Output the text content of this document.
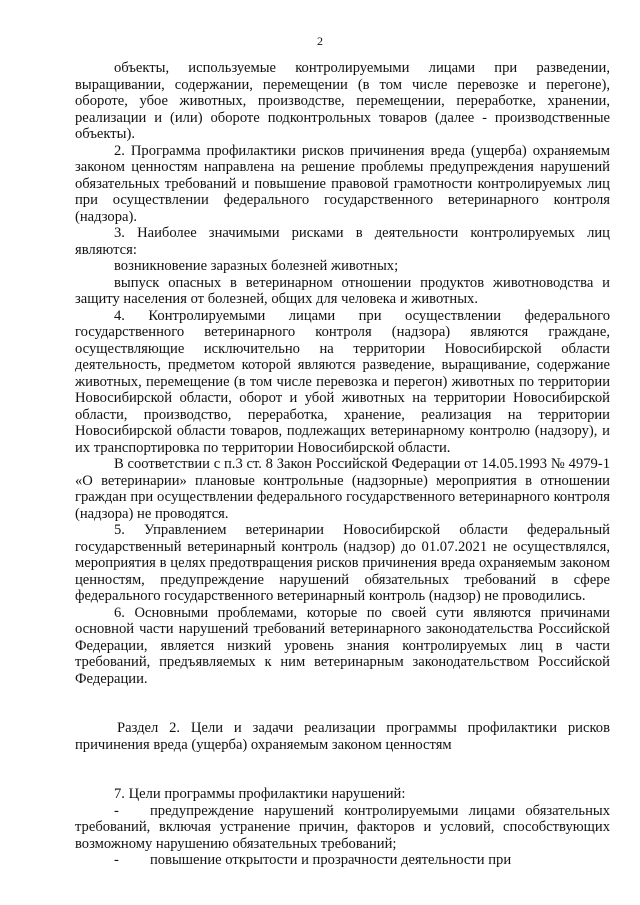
2

объекты, используемые контролируемыми лицами при разведении, выращивании, содержании, перемещении (в том числе перевозке и перегоне), обороте, убое животных, производстве, перемещении, переработке, хранении, реализации и (или) обороте подконтрольных товаров (далее - производственные объекты).

2. Программа профилактики рисков причинения вреда (ущерба) охраняемым законом ценностям направлена на решение проблемы предупреждения нарушений обязательных требований и повышение правовой грамотности контролируемых лиц при осуществлении федерального государственного ветеринарного контроля (надзора).

3. Наиболее значимыми рисками в деятельности контролируемых лиц являются:

возникновение заразных болезней животных;

выпуск опасных в ветеринарном отношении продуктов животноводства и защиту населения от болезней, общих для человека и животных.

4. Контролируемыми лицами при осуществлении федерального государственного ветеринарного контроля (надзора) являются граждане, осуществляющие исключительно на территории Новосибирской области деятельность, предметом которой являются разведение, выращивание, содержание животных, перемещение (в том числе перевозка и перегон) животных по территории Новосибирской области, оборот и убой животных на территории Новосибирской области, производство, переработка, хранение, реализация на территории Новосибирской области товаров, подлежащих ветеринарному контролю (надзору), и их транспортировка по территории Новосибирской области.

В соответствии с п.3 ст. 8 Закон Российской Федерации от 14.05.1993 № 4979-1 «О ветеринарии» плановые контрольные (надзорные) мероприятия в отношении граждан при осуществлении федерального государственного ветеринарного контроля (надзора) не проводятся.

5. Управлением ветеринарии Новосибирской области федеральный государственный ветеринарный контроль (надзор) до 01.07.2021 не осуществлялся, мероприятия в целях предотвращения рисков причинения вреда охраняемым законом ценностям, предупреждение нарушений обязательных требований в сфере федерального государственного ветеринарный контроль (надзор) не проводились.

6. Основными проблемами, которые по своей сути являются причинами основной части нарушений требований ветеринарного законодательства Российской Федерации, является низкий уровень знания контролируемых лиц в части требований, предъявляемых к ним ветеринарным законодательством Российской Федерации.

Раздел 2. Цели и задачи реализации программы профилактики рисков причинения вреда (ущерба) охраняемым законом ценностям

7. Цели программы профилактики нарушений:

- предупреждение нарушений контролируемыми лицами обязательных требований, включая устранение причин, факторов и условий, способствующих возможному нарушению обязательных требований;

- повышение открытости и прозрачности деятельности при
